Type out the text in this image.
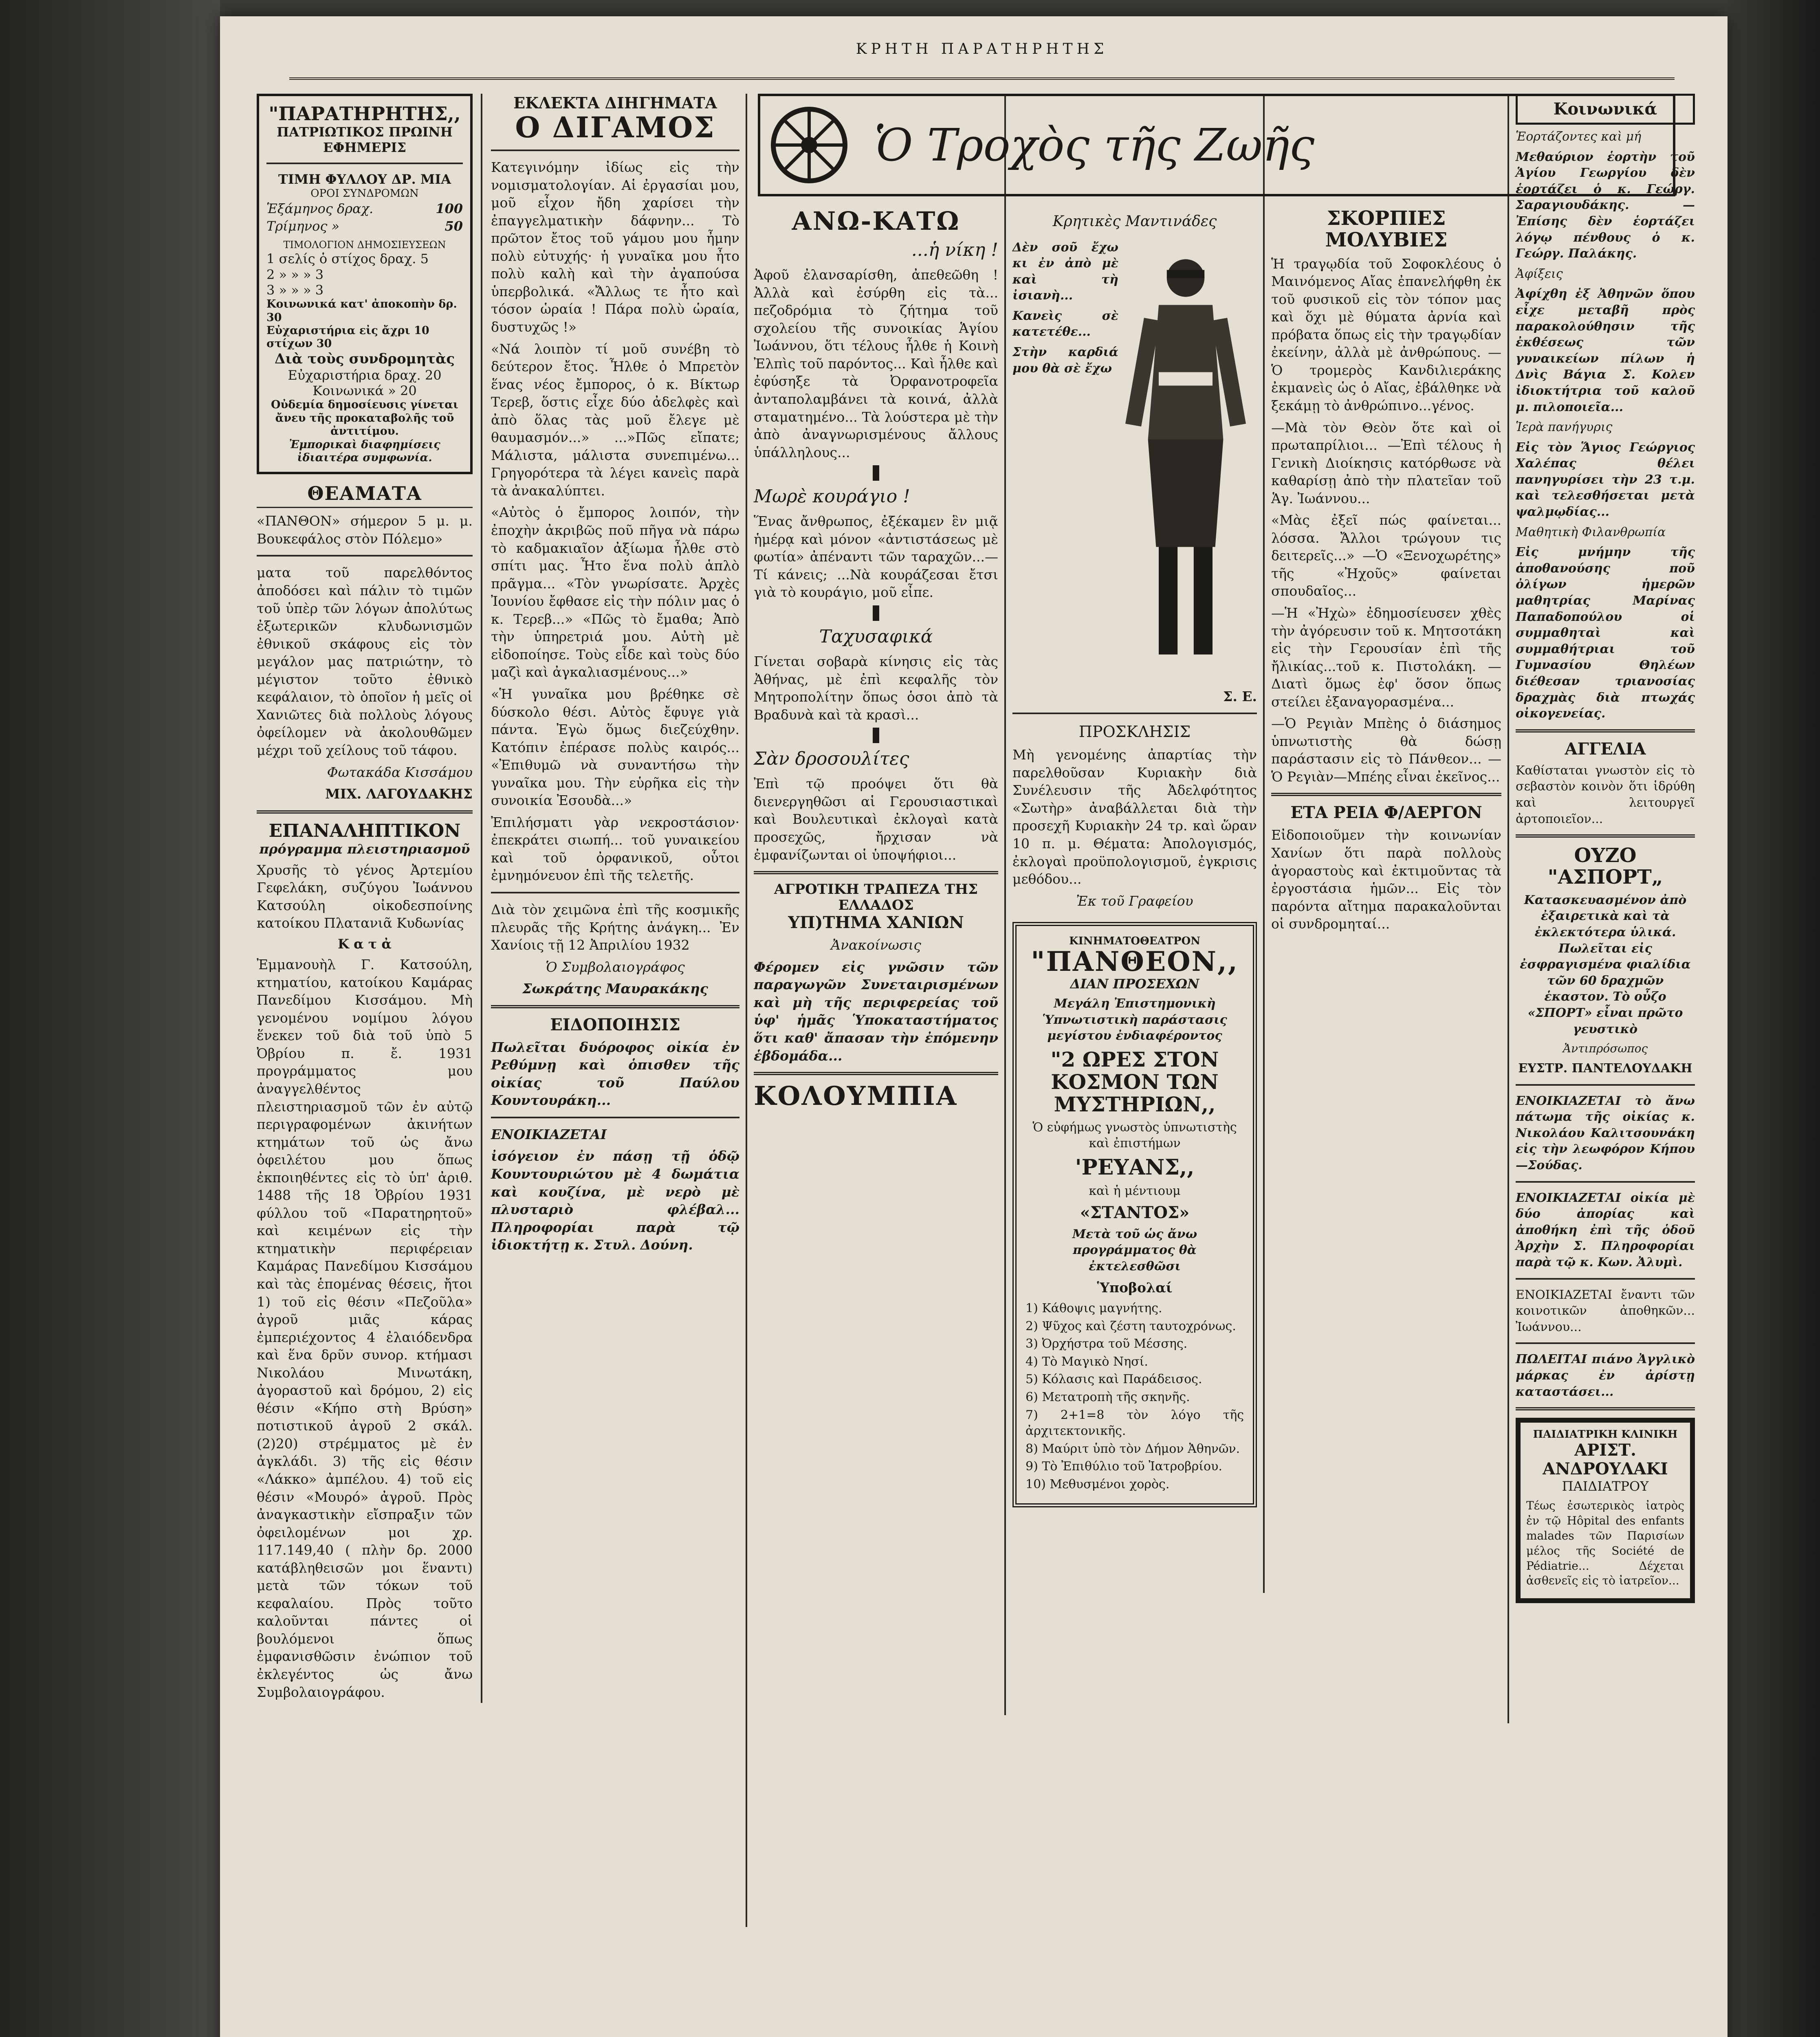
ΚΡΗΤΗ ΠΑΡΑΤΗΡΗΤΗΣ
"ΠΑΡΑΤΗΡΗΤΗΣ,,
ΠΑΤΡΙΩΤΙΚΟΣ ΠΡΩΙΝΗ ΕΦΗΜΕΡΙΣ
ΤΙΜΗ ΦΥΛΛΟΥ ΔΡ. ΜΙΑ
ΟΡΟΙ ΣΥΝΔΡΟΜΩΝ
Ἑξάμηνος δραχ.	100
Τρίμηνος »	50
ΤΙΜΟΛΟΓΙΟΝ ΔΗΜΟΣΙΕΥΣΕΩΝ
1 σελίς ὁ στίχος δραχ. 5
2 » » » 3
3 » » » 3
Κοινωνικά κατ' ἀποκοπὴν δρ. 30
Εὐχαριστήρια εἰς ἄχρι 10 στίχων 30
Διὰ τοὺς συνδρομητὰς
Εὐχαριστήρια δραχ. 20
Κοινωνικά » 20
Οὐδεμία δημοσίευσις γίνεται ἄνευ τῆς προκαταβολῆς τοῦ ἀντιτίμου.
Ἐμπορικαὶ διαφημίσεις ἰδιαιτέρα συμφωνία.
ΘΕΑΜΑΤΑ
«ΠΑΝΘΟΝ» σήμερον 5 μ. μ. Βουκεφάλος στὸν Πόλεμο»
ματα τοῦ παρελθόντος ἀποδόσει καὶ πάλιν τὸ τιμῶν τοῦ ὑπὲρ τῶν λόγων ἀπολύτως ἐξωτερικῶν κλυδωνισμῶν ἐθνικοῦ σκάφους εἰς τὸν μεγάλον μας πατριώτην, τὸ μέγιστον τοῦτο ἐθνικὸ κεφάλαιον, τὸ ὁποῖον ἡ μεῖς οἱ Χανιῶτες διὰ πολλοὺς λόγους ὀφείλομεν νὰ ἀκολουθῶμεν μέχρι τοῦ χείλους τοῦ τάφου.
Φωτακάδα Κισσάμου
ΜΙΧ. ΛΑΓΟΥΔΑΚΗΣ
ΕΠΑΝΑΛΗΠΤΙΚΟΝ
πρόγραμμα πλειστηριασμοῦ
Χρυσῆς τὸ γένος Ἀρτεμίου Γεφελάκη, συζύγου Ἰωάννου Κατσούλη οἰκοδεσποίνης κατοίκου Πλατανιᾶ Κυδωνίας
Κ α τ ἀ
Ἐμμανουὴλ Γ. Κατσούλη, κτηματίου, κατοίκου Καμάρας Πανεδίμου Κισσάμου. Μὴ γενομένου νομίμου λόγου ἕνεκεν τοῦ διὰ τοῦ ὑπὸ 5 Ὀβρίου π. ἔ. 1931 προγράμματος μου ἀναγγελθέντος πλειστηριασμοῦ τῶν ἐν αὐτῷ περιγραφομένων ἀκινήτων κτημάτων τοῦ ὡς ἄνω ὀφειλέτου μου ὅπως ἐκποιηθέντες εἰς τὸ ὑπ' ἀριθ. 1488 τῆς 18 Ὀβρίου 1931 φύλλου τοῦ «Παρατηρητοῦ» καὶ κειμένων εἰς τὴν κτηματικὴν περιφέρειαν Καμάρας Πανεδίμου Κισσάμου καὶ τὰς ἑπομένας θέσεις, ἤτοι 1) τοῦ εἰς θέσιν «Πεζοῦλα» ἀγροῦ μιᾶς κάρας ἐμπεριέχοντος 4 ἐλαιόδενδρα καὶ ἕνα δρῦν συνορ. κτήμασι Νικολάου Μινωτάκη, ἀγοραστοῦ καὶ δρόμου, 2) εἰς θέσιν «Κήπο στὴ Βρύση» ποτιστικοῦ ἀγροῦ 2 σκάλ. (2)20) στρέμματος μὲ ἐν ἀγκλάδι. 3) τῆς εἰς θέσιν «Λάκκο» ἀμπέλου. 4) τοῦ εἰς θέσιν «Μουρό» ἀγροῦ. Πρὸς ἀναγκαστικὴν εἴσπραξιν τῶν ὀφειλομένων μοι χρ. 117.149,40 ( πλὴν δρ. 2000 κατάβληθεισῶν μοι ἕναντι) μετὰ τῶν τόκων τοῦ κεφαλαίου. Πρὸς τοῦτο καλοῦνται πάντες οἱ βουλόμενοι ὅπως ἐμφανισθῶσιν ἐνώπιον τοῦ ἐκλεγέντος ὡς ἄνω Συμβολαιογράφου.
ΕΚΛΕΚΤΑ ΔΙΗΓΗΜΑΤΑ
Ο ΔΙΓΑΜΟΣ
Κατεγινόμην ἰδίως εἰς τὴν νομισματολογίαν. Αἱ ἐργασίαι μου, μοῦ εἶχον ἤδη χαρίσει τὴν ἐπαγγελματικὴν δάφνην... Τὸ πρῶτον ἔτος τοῦ γάμου μου ἦμην πολὺ εὐτυχής· ἡ γυναῖκα μου ἦτο πολὺ καλὴ καὶ τὴν ἀγαπούσα ὑπερβολικά. «Ἄλλως τε ἦτο καὶ τόσον ὡραία ! Πάρα πολὺ ὡραία, δυστυχῶς !»
«Νά λοιπὸν τί μοῦ συνέβη τὸ δεύτερον ἔτος. Ἦλθε ὁ Μπρετὸν ἕνας νέος ἔμπορος, ὁ κ. Βίκτωρ Τερεβ, ὅστις εἶχε δύο ἀδελφὲς καὶ ἀπὸ ὅλας τὰς μοῦ ἔλεγε μὲ θαυμασμόν...» ...»Πῶς εἴπατε; Μάλιστα, μάλιστα συνεπιμένω... Γρηγορότερα τὰ λέγει κανεὶς παρὰ τὰ ἀνακαλύπτει.
«Αὐτὸς ὁ ἔμπορος λοιπόν, τὴν ἐποχὴν ἀκριβῶς ποῦ πῆγα νὰ πάρω τὸ καδμακιαῖον ἀξίωμα ἦλθε στὸ σπίτι μας. Ἦτο ἕνα πολὺ ἁπλὸ πρᾶγμα... «Τὸν γνωρίσατε. Ἀρχὲς Ἰουνίου ἔφθασε εἰς τὴν πόλιν μας ὁ κ. Τερεβ...» «Πῶς τὸ ἔμαθα; Ἀπὸ τὴν ὑπηρετριά μου. Αὐτὴ μὲ εἰδοποίησε. Τοὺς εἶδε καὶ τοὺς δύο μαζὶ καὶ ἀγκαλιασμένους...»
«Ἡ γυναῖκα μου βρέθηκε σὲ δύσκολο θέσι. Αὐτὸς ἔφυγε γιὰ πάντα. Ἐγὼ ὅμως διεζεύχθην. Κατόπιν ἐπέρασε πολὺς καιρός... «Ἐπιθυμῶ νὰ συναντήσω τὴν γυναῖκα μου. Τὴν εὑρῆκα εἰς τὴν συνοικία Ἐσουδὰ...»
Ἐπιλήσματι γὰρ νεκροστάσιον· ἐπεκράτει σιωπή... τοῦ γυναικείου καὶ τοῦ ὀρφανικοῦ, οὗτοι ἐμνημόνευον ἐπὶ τῆς τελετῆς.
Διὰ τὸν χειμῶνα ἐπὶ τῆς κοσμικῆς πλευρᾶς τῆς Κρήτης ἀνάγκη... Ἐν Χανίοις τῇ 12 Ἀπριλίου 1932
Ὁ Συμβολαιογράφος
Σωκράτης Μαυρακάκης
ΕΙΔΟΠΟΙΗΣΙΣ
Πωλεῖται δυόροφος οἰκία ἐν Ρεθύμνῃ καὶ ὁπισθεν τῆς οἰκίας τοῦ Παύλου Κουντουράκη...
ΕΝΟΙΚΙΑΖΕΤΑΙ
ἰσόγειον ἐν πάσῃ τῇ ὁδῷ Κουντουριώτου μὲ 4 δωμάτια καὶ κουζίνα, μὲ νερὸ μὲ πλυσταριὸ φλέβαλ... Πληροφορίαι παρὰ τῷ ἰδιοκτήτῃ κ. Στυλ. Δούνη.
Ὁ Τροχὸς τῆς Ζωῆς
ΑΝΩ-ΚΑΤΩ
...ἡ νίκη !
Ἀφοῦ ἐλανσαρίσθη, ἀπεθεῶθη ! Ἀλλὰ καὶ ἐσύρθη εἰς τὰ... πεζοδρόμια τὸ ζήτημα τοῦ σχολείου τῆς συνοικίας Ἁγίου Ἰωάννου, ὅτι τέλους ἦλθε ἡ Κοινὴ Ἐλπὶς τοῦ παρόντος... Καὶ ἦλθε καὶ ἐφύσηξε τὰ Ὀρφανοτροφεῖα ἀνταπολαμβάνει τὰ κοινά, ἀλλὰ σταματημένο... Τὰ λούστερα μὲ τὴν ἀπὸ ἀναγνωρισμένους ἄλλους ὑπάλληλους...
Μωρὲ κουράγιο !
Ἕνας ἄνθρωπος, ἐξέκαμεν ἓν μιᾷ ἡμέρᾳ καὶ μόνον «ἀντιστάσεως μὲ φωτία» ἀπέναντι τῶν ταραχῶν...—Τί κάνεις; ...Νὰ κουράζεσαι ἔτσι γιὰ τὸ κουράγιο, μοῦ εἶπε.
Ταχυσαφικά
Γίνεται σοβαρὰ κίνησις εἰς τὰς Ἀθήνας, μὲ ἐπὶ κεφαλῆς τὸν Μητροπολίτην ὅπως ὁσοι ἀπὸ τὰ Βραδυνὰ καὶ τὰ κρασὶ...
Σὰν δροσουλίτες
Ἐπὶ τῷ προόψει ὅτι θὰ διενεργηθῶσι αἱ Γερουσιαστικαὶ καὶ Βουλευτικαὶ ἐκλογαὶ κατὰ προσεχῶς, ἤρχισαν νὰ ἐμφανίζωνται οἱ ὑποψήφιοι...
ΑΓΡΟΤΙΚΗ ΤΡΑΠΕΖΑ ΤΗΣ ΕΛΛΑΔΟΣ
ΥΠ)ΤΗΜΑ ΧΑΝΙΩΝ
Ἀνακοίνωσις
Φέρομεν εἰς γνῶσιν τῶν παραγωγῶν Συνεταιρισμένων καὶ μὴ τῆς περιφερείας τοῦ ὑφ' ἡμᾶς Ὑποκαταστήματος ὅτι καθ' ἄπασαν τὴν ἐπόμενην ἑβδομάδα...
ΚΟΛΟΥΜΠΙΑ
Κρητικὲς Μαντινάδες
Δὲν σοῦ ἔχω κι ἐν ἀπὸ μὲ καὶ τὴ ἰσιανὴ...
Κανεὶς σὲ κατετέθε...
Στὴν καρδιά μου θὰ σὲ ἔχω
Σ. Ε.
ΠΡΟΣΚΛΗΣΙΣ
Μὴ γενομένης ἀπαρτίας τὴν παρελθοῦσαν Κυριακὴν διὰ Συνέλευσιν τῆς Ἀδελφότητος «Σωτὴρ» ἀναβάλλεται διὰ τὴν προσεχῆ Κυριακὴν 24 τρ. καὶ ὥραν 10 π. μ. Θέματα: Ἀπολογισμός, ἐκλογαὶ προϋπολογισμοῦ, ἐγκρισις μεθόδου...
Ἐκ τοῦ Γραφείου
ΚΙΝΗΜΑΤΟΘΕΑΤΡΟΝ
"ΠΑΝΘΕΟΝ,,
ΔΙΑΝ ΠΡΟΣΕΧΩΝ
Μεγάλη Ἐπιστημονικὴ Ὑπνωτιστικὴ παράστασις μεγίστου ἐνδιαφέροντος
"2 ΩΡΕΣ ΣΤΟΝ ΚΟΣΜΟΝ ΤΩΝ ΜΥΣΤΗΡΙΩΝ,,
Ὁ εὐφήμως γνωστὸς ὑπνωτιστὴς καὶ ἐπιστήμων
'ΡΕΥΑΝΣ,,
καὶ ἡ μέντιουμ
«ΣΤΑΝΤΟΣ»
Μετὰ τοῦ ὡς ἄνω προγράμματος θὰ ἐκτελεσθῶσι
Ὑποβολαί
1) Κάθοψις μαγνήτης.
2) Ψῦχος καὶ ζέστη ταυτοχρόνως.
3) Ὀρχήστρα τοῦ Μέσσης.
4) Τὸ Μαγικὸ Νησί.
5) Κόλασις καὶ Παράδεισος.
6) Μετατροπὴ τῆς σκηνῆς.
7) 2+1=8 τὸν λόγο τῆς ἀρχιτεκτονικῆς.
8) Μαύριτ ὑπὸ τὸν Δήμον Ἀθηνῶν.
9) Τὸ Ἐπιθύλιο τοῦ Ἰατροβρίου.
10) Μεθυσμένοι χορὸς.
ΣΚΟΡΠΙΕΣ ΜΟΛΥΒΙΕΣ
Ἡ τραγῳδία τοῦ Σοφοκλέους ὁ Μαινόμενος Αἴας ἐπανελήφθη ἐκ τοῦ φυσικοῦ εἰς τὸν τόπον μας καὶ ὅχι μὲ θύματα ἀρνία καὶ πρόβατα ὅπως εἰς τὴν τραγῳδίαν ἐκείνην, ἀλλὰ μὲ ἀνθρώπους. —Ὁ τρομερὸς Κανδιλιεράκης ἐκμανεὶς ὡς ὁ Αἴας, ἐβάλθηκε νὰ ξεκάμῃ τὸ ἀνθρώπινο...γένος.
—Μὰ τὸν Θεὸν ὅτε καὶ οἱ πρωταπρίλιοι... —Ἐπὶ τέλους ἡ Γενικὴ Διοίκησις κατόρθωσε νὰ καθαρίσῃ ἀπὸ τὴν πλατεῖαν τοῦ Ἁγ. Ἰωάννου...
«Μὰς ἐξεῖ πώς φαίνεται... λόσσα. Ἄλλοι τρώγουν τις δειτερεῖς...» —Ὁ «Ξενοχωρέτης» τῆς «Ἠχοῦς» φαίνεται σπουδαῖος...
—Ἡ «Ἠχὼ» ἐδημοσίευσεν χθὲς τὴν ἀγόρευσιν τοῦ κ. Μητσοτάκη εἰς τὴν Γερουσίαν ἐπὶ τῆς ἤλικίας...τοῦ κ. Πιστολάκη. —Διατὶ ὅμως ἐφ' ὅσον ὅπως στείλει ἐξαναγορασμένα...
—Ὁ Ρεγιὰν Μπὲης ὁ διάσημος ὑπνωτιστὴς θὰ δώσῃ παράστασιν εἰς τὸ Πάνθεον... —Ὁ Ρεγιὰν—Μπέης εἶναι ἐκεῖνος...
ΕΤΑ ΡΕΙΑ Φ/ΑΕΡΓΟΝ
Εἰδοποιοῦμεν τὴν κοινωνίαν Χανίων ὅτι παρὰ πολλοὺς ἀγοραστοὺς καὶ ἐκτιμοῦντας τὰ ἐργοστάσια ἡμῶν... Εἰς τὸν παρόντα αἴτημα παρακαλοῦνται οἱ συνδρομηταί...
Κοινωνικά
Ἑορτάζοντες καὶ μή
Μεθαύριον ἑορτὴν τοῦ Ἁγίου Γεωργίου δὲν ἑορτάζει ὁ κ. Γεώργ. Σαραγιουδάκης. —Ἐπίσης δὲν ἑορτάζει λόγῳ πένθους ὁ κ. Γεώργ. Παλάκης.
Ἀφίξεις
Ἀφίχθη ἐξ Ἀθηνῶν ὅπου εἶχε μεταβῆ πρὸς παρακολούθησιν τῆς ἐκθέσεως τῶν γυναικείων πίλων ἡ Δνὶς Βάγια Σ. Κολεν ἰδιοκτήτρια τοῦ καλοῦ μ. πιλοποιεῖα...
Ἱερὰ πανήγυρις
Εἰς τὸν Ἅγιος Γεώργιος Χαλέπας θέλει πανηγυρίσει τὴν 23 τ.μ. καὶ τελεσθήσεται μετὰ ψαλμῳδίας...
Μαθητικὴ Φιλανθρωπία
Εἰς μνήμην τῆς ἀποθανούσης ποῦ ὀλίγων ἡμερῶν μαθητρίας Μαρίνας Παπαδοπούλου οἱ συμμαθηταὶ καὶ συμμαθήτριαι τοῦ Γυμνασίου Θηλέων διέθεσαν τριανοσίας δραχμὰς διὰ πτωχάς οἰκογενείας.
ΑΓΓΕΛΙΑ
Καθίσταται γνωστὸν εἰς τὸ σεβαστὸν κοινὸν ὅτι ἱδρύθη καὶ λειτουργεῖ ἀρτοποιεῖον...
ΟΥΖΟ "ΑΣΠΟΡΤ„
Κατασκευασμένον ἀπὸ ἐξαιρετικὰ καὶ τὰ ἐκλεκτότερα ὑλικά. Πωλεῖται εἰς ἐσφραγισμένα φιαλίδια τῶν 60 δραχμῶν ἑκαστον. Τὸ οὖζο «ΣΠΟΡΤ» εἶναι πρῶτο γευστικὸ
Ἀντιπρόσωπος
ΕΥΣΤΡ. ΠΑΝΤΕΛΟΥΔΑΚΗ
ΕΝΟΙΚΙΑΖΕΤΑΙ τὸ ἄνω πάτωμα τῆς οἰκίας κ. Νικολάου Καλιτσουνάκη εἰς τὴν λεωφόρον Κήπου—Σούδας.
ΕΝΟΙΚΙΑΖΕΤΑΙ οἰκία μὲ δύο ἀπορίας καὶ ἀποθήκη ἐπὶ τῆς ὁδοῦ Ἀρχὴν Σ. Πληροφορίαι παρὰ τῷ κ. Κων. Ἀλυμὶ.
ΕΝΟΙΚΙΑΖΕΤΑΙ ἔναντι τῶν κοινοτικῶν ἀποθηκῶν... Ἰωάννου...
ΠΩΛΕΙΤΑΙ πιάνο Ἀγγλικὸ μάρκας ἐν ἀρίστῃ καταστάσει...
ΠΑΙΔΙΑΤΡΙΚΗ ΚΛΙΝΙΚΗ
ΑΡΙΣΤ. ΑΝΔΡΟΥΛΑΚΙ
ΠΑΙΔΙΑΤΡΟΥ
Τέως ἐσωτερικὸς ἰατρὸς ἐν τῷ Hôpital des enfants malades τῶν Παρισίων μέλος τῆς Société de Pédiatrie... Δέχεται ἀσθενεῖς εἰς τὸ ἰατρεῖον...
